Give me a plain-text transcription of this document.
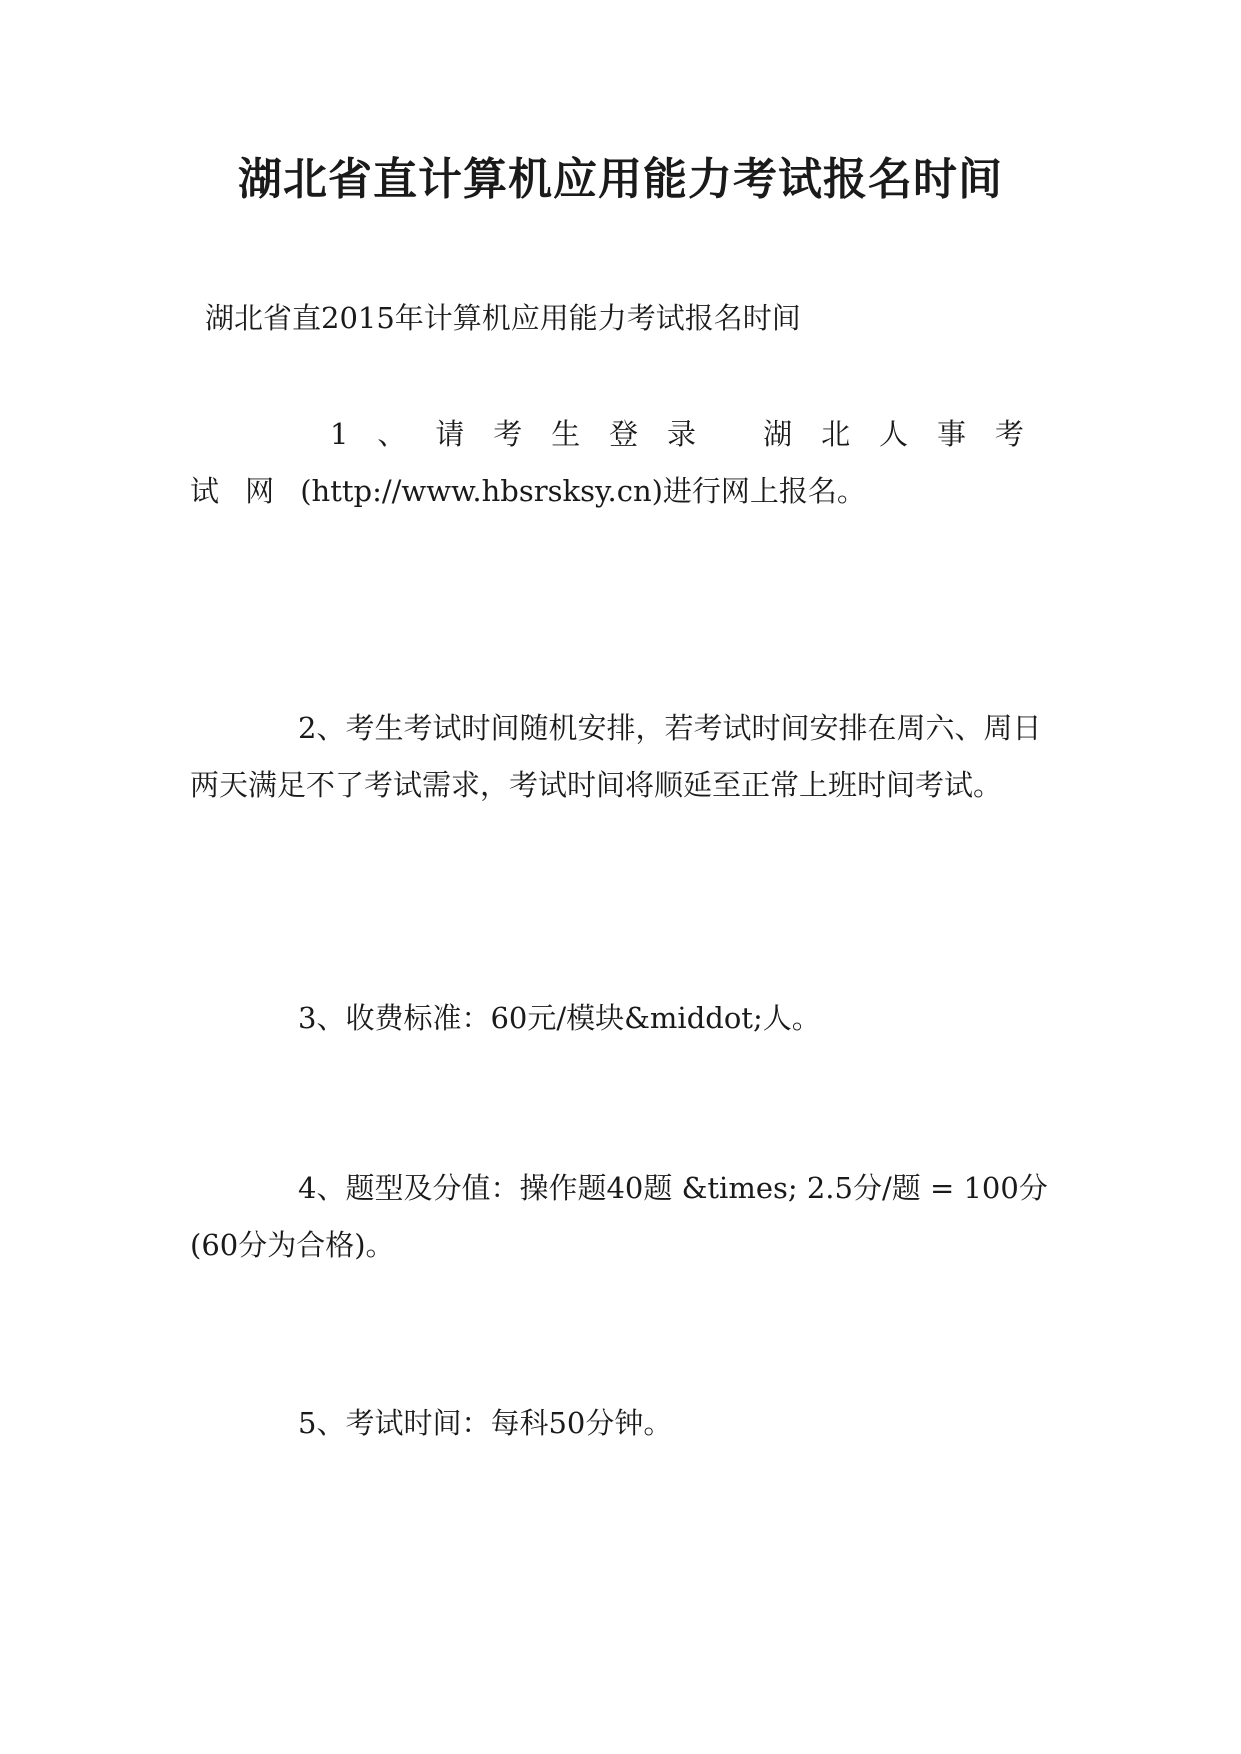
湖北省直计算机应用能力考试报名时间

湖北省直2015年计算机应用能力考试报名时间

1、请考生登录 湖北人事考试网(http://www.hbsrsksy.cn)进行网上报名。

2、考生考试时间随机安排，若考试时间安排在周六、周日两天满足不了考试需求，考试时间将顺延至正常上班时间考试。

3、收费标准：60元/模块&middot;人。

4、题型及分值：操作题40题 &times; 2.5分/题 = 100分 (60分为合格)。

5、考试时间：每科50分钟。
